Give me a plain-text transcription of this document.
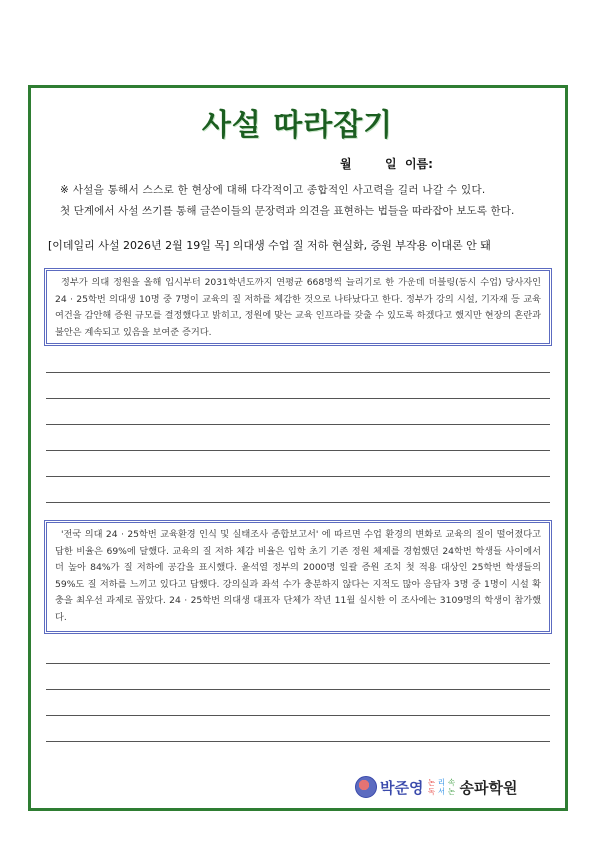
사설 따라잡기
월        일  이름:
※ 사설을 통해서 스스로 한 현상에 대해 다각적이고 종합적인 사고력을 길러 나갈 수 있다.
첫 단계에서 사설 쓰기를 통해 글쓴이들의 문장력과 의견을 표현하는 법들을 따라잡아 보도록 한다.
[이데일리 사설 2026년 2월 19일 목] 의대생 수업 질 저하 현실화, 증원 부작용 이대론 안 돼

정부가 의대 정원을 올해 입시부터 2031학년도까지 연평균 668명씩 늘리기로 한 가운데 더블링(동시 수업) 당사자인 24 · 25학번 의대생 10명 중 7명이 교육의 질 저하를 체감한 것으로 나타났다고 한다. 정부가 강의 시설, 기자재 등 교육 여건을 감안해 증원 규모를 결정했다고 밝히고, 정원에 맞는 교육 인프라를 갖출 수 있도록 하겠다고 했지만 현장의 혼란과 불안은 계속되고 있음을 보여준 증거다.

'전국 의대 24 · 25학번 교육환경 인식 및 실태조사 종합보고서' 에 따르면 수업 환경의 변화로 교육의 질이 떨어졌다고 답한 비율은 69%에 달했다. 교육의 질 저하 체감 비율은 입학 초기 기존 정원 체제를 경험했던 24학번 학생들 사이에서 더 높아 84%가 질 저하에 공감을 표시했다. 윤석열 정부의 2000명 일괄 증원 조치 첫 적용 대상인 25학번 학생들의 59%도 질 저하를 느끼고 있다고 답했다. 강의실과 좌석 수가 충분하지 않다는 지적도 많아 응답자 3명 중 1명이 시설 확충을 최우선 과제로 꼽았다. 24 · 25학번 의대생 대표자 단체가 작년 11월 실시한 이 조사에는 3109명의 학생이 참가했다.

박준영 논 리 속
독 서 논 송파학원
